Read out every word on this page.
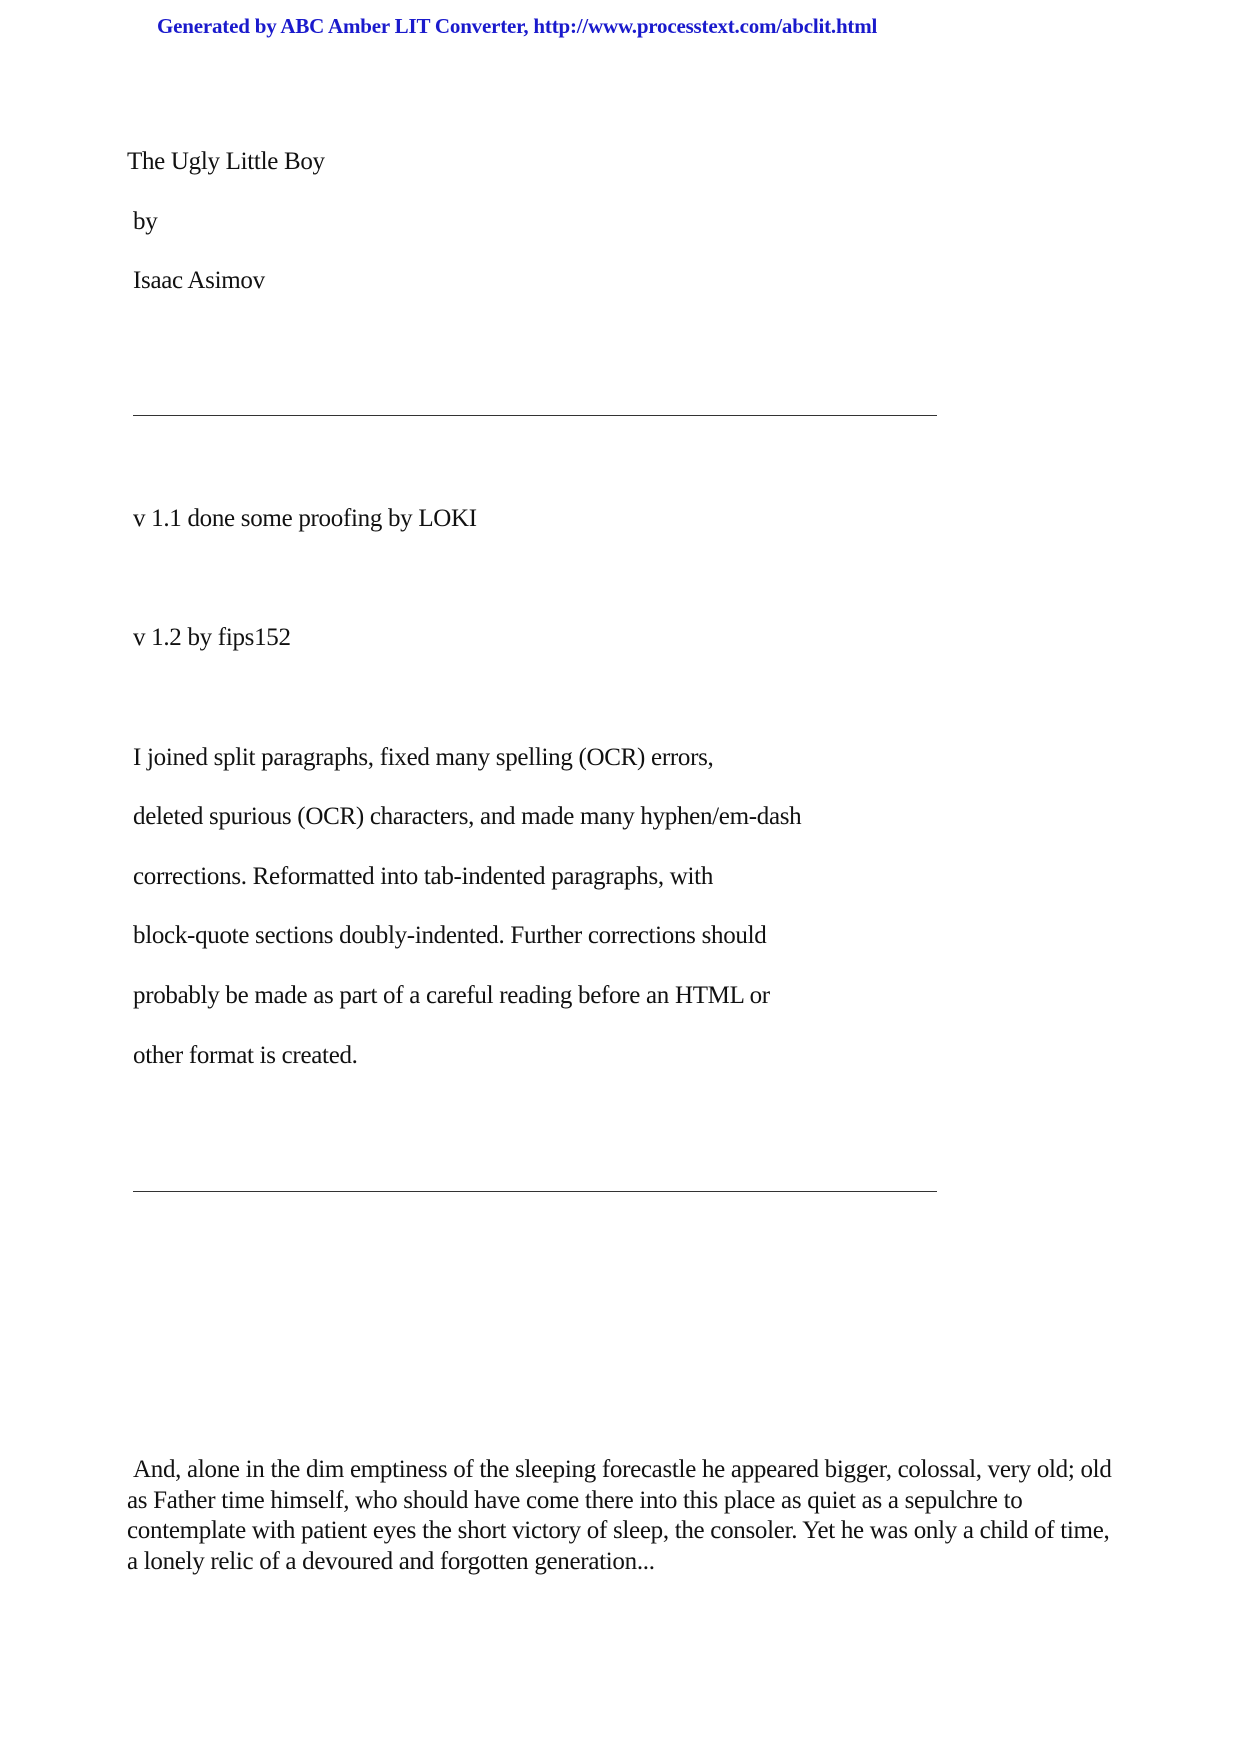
Generated by ABC Amber LIT Converter, http://www.processtext.com/abclit.html
The Ugly Little Boy
by
Isaac Asimov
v 1.1 done some proofing by LOKI
v 1.2 by fips152
I joined split paragraphs, fixed many spelling (OCR) errors,
deleted spurious (OCR) characters, and made many hyphen/em-dash
corrections. Reformatted into tab-indented paragraphs, with
block-quote sections doubly-indented. Further corrections should
probably be made as part of a careful reading before an HTML or
other format is created.
And, alone in the dim emptiness of the sleeping forecastle he appeared bigger, colossal, very old; old as Father time himself, who should have come there into this place as quiet as a sepulchre to contemplate with patient eyes the short victory of sleep, the consoler. Yet he was only a child of time, a lonely relic of a devoured and forgotten generation...
